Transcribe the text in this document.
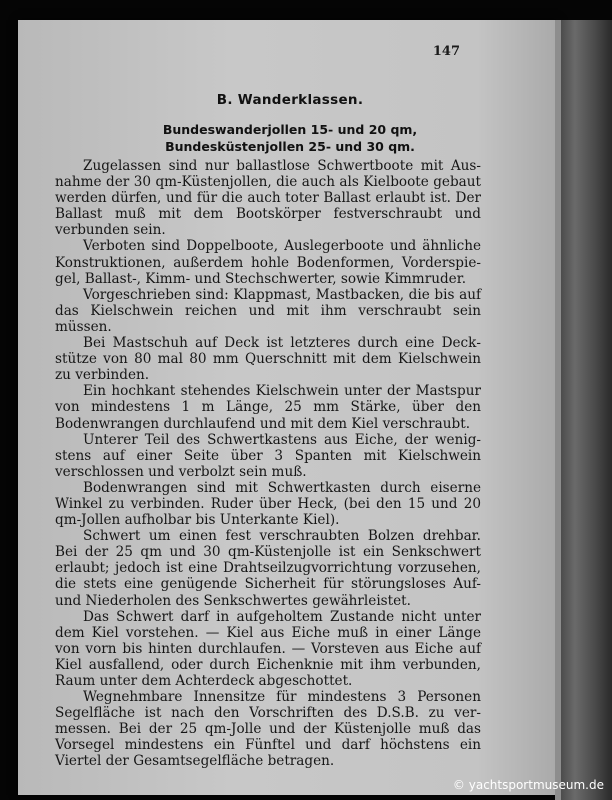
147
B. Wanderklassen.
Bundeswanderjollen 15- und 20 qm,
Bundesküstenjollen 25- und 30 qm.

Zugelassen sind nur ballastlose Schwertboote mit Ausnahme der 30 qm-Küstenjollen, die auch als Kielboote gebaut werden dürfen, und für die auch toter Ballast erlaubt ist. Der Ballast muß mit dem Bootskörper festverschraubt und verbunden sein.

Verboten sind Doppelboote, Auslegerboote und ähnliche Konstruktionen, außerdem hohle Bodenformen, Vorderspiegel, Ballast-, Kimm- und Stechschwerter, sowie Kimmruder.

Vorgeschrieben sind: Klappmast, Mastbacken, die bis auf das Kielschwein reichen und mit ihm verschraubt sein müssen.

Bei Mastschuh auf Deck ist letzteres durch eine Deckstütze von 80 mal 80 mm Querschnitt mit dem Kielschwein zu verbinden.

Ein hochkant stehendes Kielschwein unter der Mastspur von mindestens 1 m Länge, 25 mm Stärke, über den Bodenwrangen durchlaufend und mit dem Kiel verschraubt.

Unterer Teil des Schwertkastens aus Eiche, der wenigstens auf einer Seite über 3 Spanten mit Kielschwein verschlossen und verbolzt sein muß.

Bodenwrangen sind mit Schwertkasten durch eiserne Winkel zu verbinden. Ruder über Heck, (bei den 15 und 20 qm-Jollen aufholbar bis Unterkante Kiel).

Schwert um einen fest verschraubten Bolzen drehbar. Bei der 25 qm und 30 qm-Küstenjolle ist ein Senkschwert erlaubt; jedoch ist eine Drahtseilzugvorrichtung vorzusehen, die stets eine genügende Sicherheit für störungsloses Auf- und Niederholen des Senkschwertes gewährleistet.

Das Schwert darf in aufgeholtem Zustande nicht unter dem Kiel vorstehen. — Kiel aus Eiche muß in einer Länge von vorn bis hinten durchlaufen. — Vorsteven aus Eiche auf Kiel ausfallend, oder durch Eichenknie mit ihm verbunden, Raum unter dem Achterdeck abgeschottet.

Wegnehmbare Innensitze für mindestens 3 Personen Segelfläche ist nach den Vorschriften des D.S.B. zu vermessen. Bei der 25 qm-Jolle und der Küstenjolle muß das Vorsegel mindestens ein Fünftel und darf höchstens ein Viertel der Gesamtsegelfläche betragen.

© yachtsportmuseum.de
